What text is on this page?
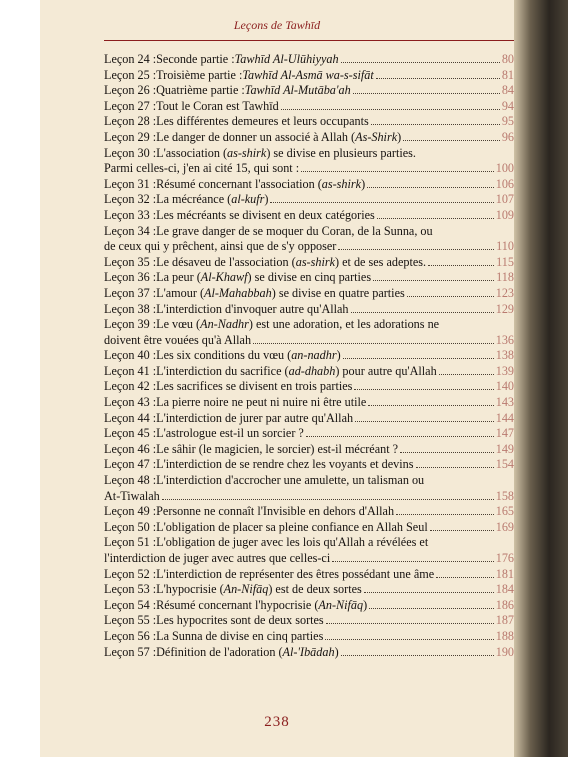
Leçons de Tawhīd
Leçon 24 : Seconde partie : Tawhīd Al-Ulūhiyyah	80
Leçon 25 : Troisième partie : Tawhīd Al-Asmā wa-s-sifāt	81
Leçon 26 : Quatrième partie : Tawhīd Al-Mutāba'ah	84
Leçon 27 : Tout le Coran est Tawhīd	94
Leçon 28 : Les différentes demeures et leurs occupants	95
Leçon 29 : Le danger de donner un associé à Allah ( As-Shirk )	96
Leçon 30 : L'association ( as-shirk ) se divise en plusieurs parties.
Parmi celles-ci, j'en ai cité 15, qui sont :	100
Leçon 31 : Résumé concernant l'association ( as-shirk )	106
Leçon 32 : La mécréance ( al-kufr )	107
Leçon 33 : Les mécréants se divisent en deux catégories	109
Leçon 34 : Le grave danger de se moquer du Coran, de la Sunna, ou
de ceux qui y prêchent, ainsi que de s'y opposer	110
Leçon 35 : Le désaveu de l'association ( as-shirk ) et de ses adeptes.	115
Leçon 36 : La peur ( Al-Khawf ) se divise en cinq parties	118
Leçon 37 : L'amour ( Al-Mahabbah ) se divise en quatre parties	123
Leçon 38 : L'interdiction d'invoquer autre qu'Allah	129
Leçon 39 : Le vœu ( An-Nadhr ) est une adoration, et les adorations ne
doivent être vouées qu'à Allah	136
Leçon 40 : Les six conditions du vœu ( an-nadhr )	138
Leçon 41 : L'interdiction du sacrifice ( ad-dhabh ) pour autre qu'Allah	139
Leçon 42 : Les sacrifices se divisent en trois parties	140
Leçon 43 : La pierre noire ne peut ni nuire ni être utile	143
Leçon 44 : L'interdiction de jurer par autre qu'Allah	144
Leçon 45 : L'astrologue est-il un sorcier ?	147
Leçon 46 : Le sâhir (le magicien, le sorcier) est-il mécréant ?	149
Leçon 47 : L'interdiction de se rendre chez les voyants et devins	154
Leçon 48 : L'interdiction d'accrocher une amulette, un talisman ou
At-Tiwalah	158
Leçon 49 : Personne ne connaît l'Invisible en dehors d'Allah	165
Leçon 50 : L'obligation de placer sa pleine confiance en Allah Seul	169
Leçon 51 : L'obligation de juger avec les lois qu'Allah a révélées et
l'interdiction de juger avec autres que celles-ci	176
Leçon 52 : L'interdiction de représenter des êtres possédant une âme	181
Leçon 53 : L'hypocrisie ( An-Nifāq ) est de deux sortes	184
Leçon 54 : Résumé concernant l'hypocrisie ( An-Nifāq )	186
Leçon 55 : Les hypocrites sont de deux sortes	187
Leçon 56 : La Sunna de divise en cinq parties	188
Leçon 57 : Définition de l'adoration ( Al-'Ibādah )	190
238
